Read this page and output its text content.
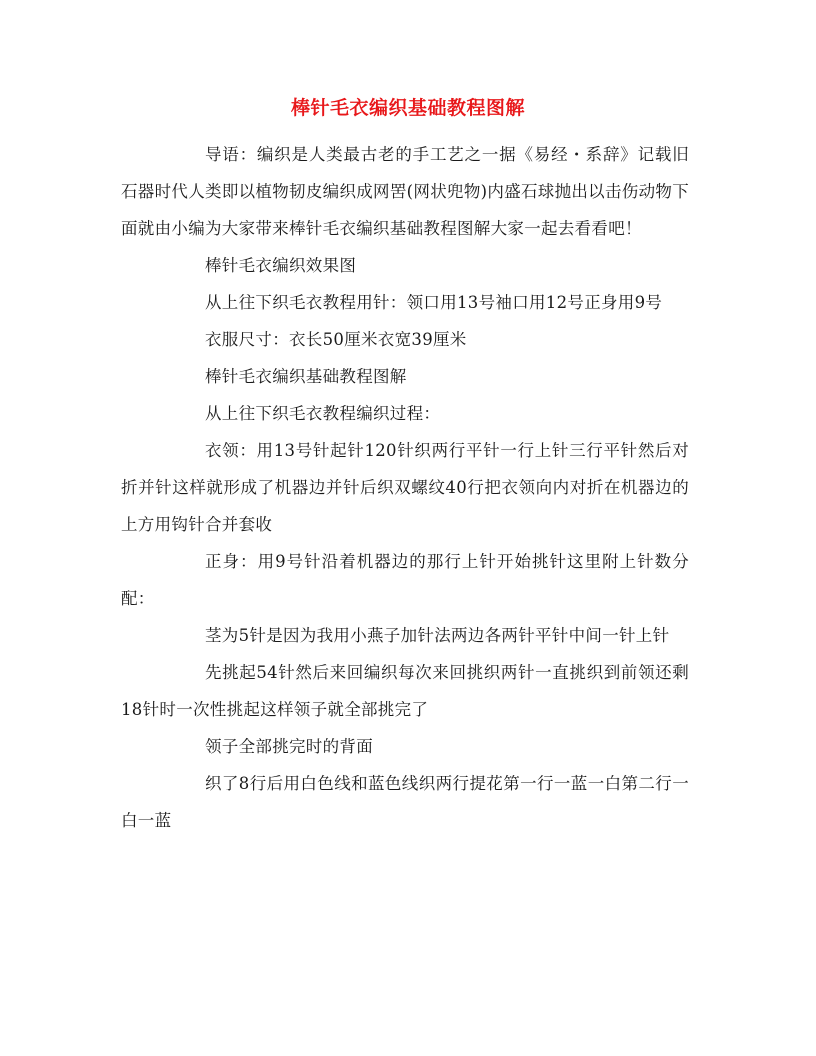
棒针毛衣编织基础教程图解

导语：编织是人类最古老的手工艺之一据《易经・系辞》记载旧石器时代人类即以植物韧皮编织成网罟(网状兜物)内盛石球抛出以击伤动物下面就由小编为大家带来棒针毛衣编织基础教程图解大家一起去看看吧！

棒针毛衣编织效果图

从上往下织毛衣教程用针：领口用13号袖口用12号正身用9号

衣服尺寸：衣长50厘米衣宽39厘米

棒针毛衣编织基础教程图解

从上往下织毛衣教程编织过程：

衣领：用13号针起针120针织两行平针一行上针三行平针然后对折并针这样就形成了机器边并针后织双螺纹40行把衣领向内对折在机器边的上方用钩针合并套收

正身：用9号针沿着机器边的那行上针开始挑针这里附上针数分配：

茎为5针是因为我用小燕子加针法两边各两针平针中间一针上针

先挑起54针然后来回编织每次来回挑织两针一直挑织到前领还剩18针时一次性挑起这样领子就全部挑完了

领子全部挑完时的背面

织了8行后用白色线和蓝色线织两行提花第一行一蓝一白第二行一白一蓝
